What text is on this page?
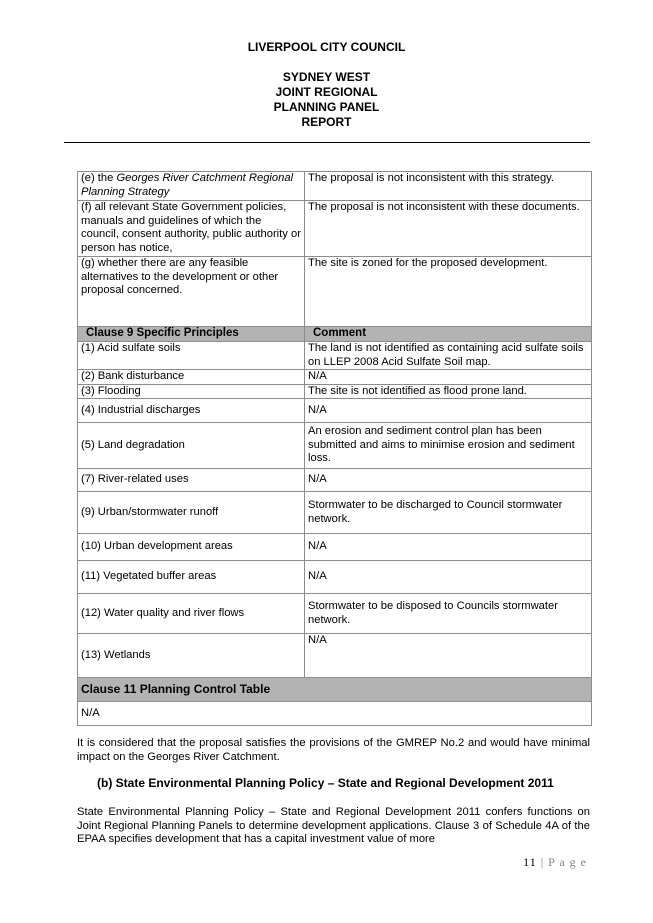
LIVERPOOL CITY COUNCIL
SYDNEY WEST
JOINT REGIONAL
PLANNING PANEL
REPORT
(e) the Georges River Catchment Regional Planning Strategy	The proposal is not inconsistent with this strategy.
(f) all relevant State Government policies, manuals and guidelines of which the council, consent authority, public authority or person has notice,	The proposal is not inconsistent with these documents.
(g) whether there are any feasible alternatives to the development or other proposal concerned.	The site is zoned for the proposed development.
Clause 9 Specific Principles	Comment
(1) Acid sulfate soils	The land is not identified as containing acid sulfate soils on LLEP 2008 Acid Sulfate Soil map.
(2) Bank disturbance	N/A
(3) Flooding	The site is not identified as flood prone land.
(4) Industrial discharges	N/A
(5) Land degradation	An erosion and sediment control plan has been submitted and aims to minimise erosion and sediment loss.
(7) River-related uses	N/A
(9) Urban/stormwater runoff	Stormwater to be discharged to Council stormwater network.
(10) Urban development areas	N/A
(11) Vegetated buffer areas	N/A
(12) Water quality and river flows	Stormwater to be disposed to Councils stormwater network.
(13) Wetlands	N/A
Clause 11 Planning Control Table	
N/A	

It is considered that the proposal satisfies the provisions of the GMREP No.2 and would have minimal impact on the Georges River Catchment.

(b) State Environmental Planning Policy – State and Regional Development 2011

State Environmental Planning Policy – State and Regional Development 2011 confers functions on Joint Regional Planning Panels to determine development applications. Clause 3 of Schedule 4A of the EPAA specifies development that has a capital investment value of more

11 | P a g e
